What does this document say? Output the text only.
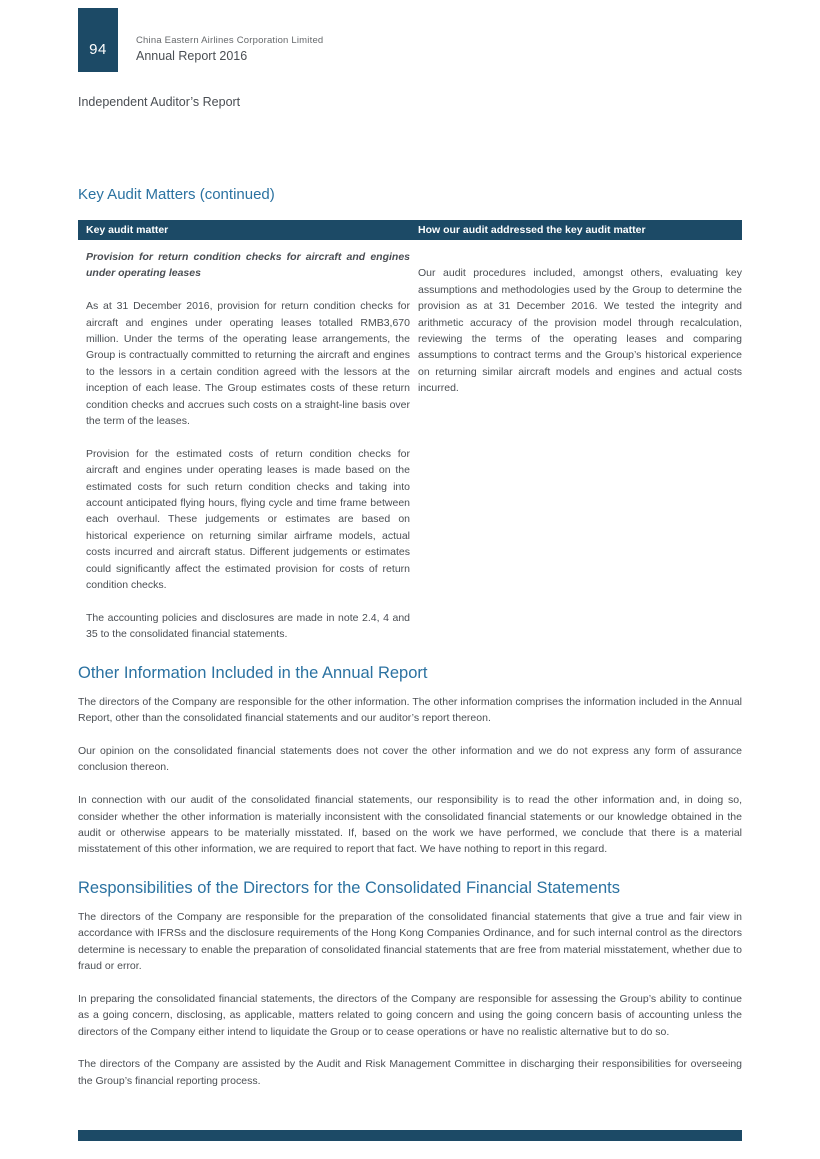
94	China Eastern Airlines Corporation Limited
Annual Report 2016
Independent Auditor’s Report
Key Audit Matters (continued)
Key audit matter	How our audit addressed the key audit matter
Provision for return condition checks for aircraft and engines under operating leases

As at 31 December 2016, provision for return condition checks for aircraft and engines under operating leases totalled RMB3,670 million. Under the terms of the operating lease arrangements, the Group is contractually committed to returning the aircraft and engines to the lessors in a certain condition agreed with the lessors at the inception of each lease. The Group estimates costs of these return condition checks and accrues such costs on a straight-line basis over the term of the leases.

Provision for the estimated costs of return condition checks for aircraft and engines under operating leases is made based on the estimated costs for such return condition checks and taking into account anticipated flying hours, flying cycle and time frame between each overhaul. These judgements or estimates are based on historical experience on returning similar airframe models, actual costs incurred and aircraft status. Different judgements or estimates could significantly affect the estimated provision for costs of return condition checks.

The accounting policies and disclosures are made in note 2.4, 4 and 35 to the consolidated financial statements.

Our audit procedures included, amongst others, evaluating key assumptions and methodologies used by the Group to determine the provision as at 31 December 2016. We tested the integrity and arithmetic accuracy of the provision model through recalculation, reviewing the terms of the operating leases and comparing assumptions to contract terms and the Group’s historical experience on returning similar aircraft models and engines and actual costs incurred.

Other Information Included in the Annual Report

The directors of the Company are responsible for the other information. The other information comprises the information included in the Annual Report, other than the consolidated financial statements and our auditor’s report thereon.

Our opinion on the consolidated financial statements does not cover the other information and we do not express any form of assurance conclusion thereon.

In connection with our audit of the consolidated financial statements, our responsibility is to read the other information and, in doing so, consider whether the other information is materially inconsistent with the consolidated financial statements or our knowledge obtained in the audit or otherwise appears to be materially misstated. If, based on the work we have performed, we conclude that there is a material misstatement of this other information, we are required to report that fact. We have nothing to report in this regard.

Responsibilities of the Directors for the Consolidated Financial Statements

The directors of the Company are responsible for the preparation of the consolidated financial statements that give a true and fair view in accordance with IFRSs and the disclosure requirements of the Hong Kong Companies Ordinance, and for such internal control as the directors determine is necessary to enable the preparation of consolidated financial statements that are free from material misstatement, whether due to fraud or error.

In preparing the consolidated financial statements, the directors of the Company are responsible for assessing the Group’s ability to continue as a going concern, disclosing, as applicable, matters related to going concern and using the going concern basis of accounting unless the directors of the Company either intend to liquidate the Group or to cease operations or have no realistic alternative but to do so.

The directors of the Company are assisted by the Audit and Risk Management Committee in discharging their responsibilities for overseeing the Group’s financial reporting process.
